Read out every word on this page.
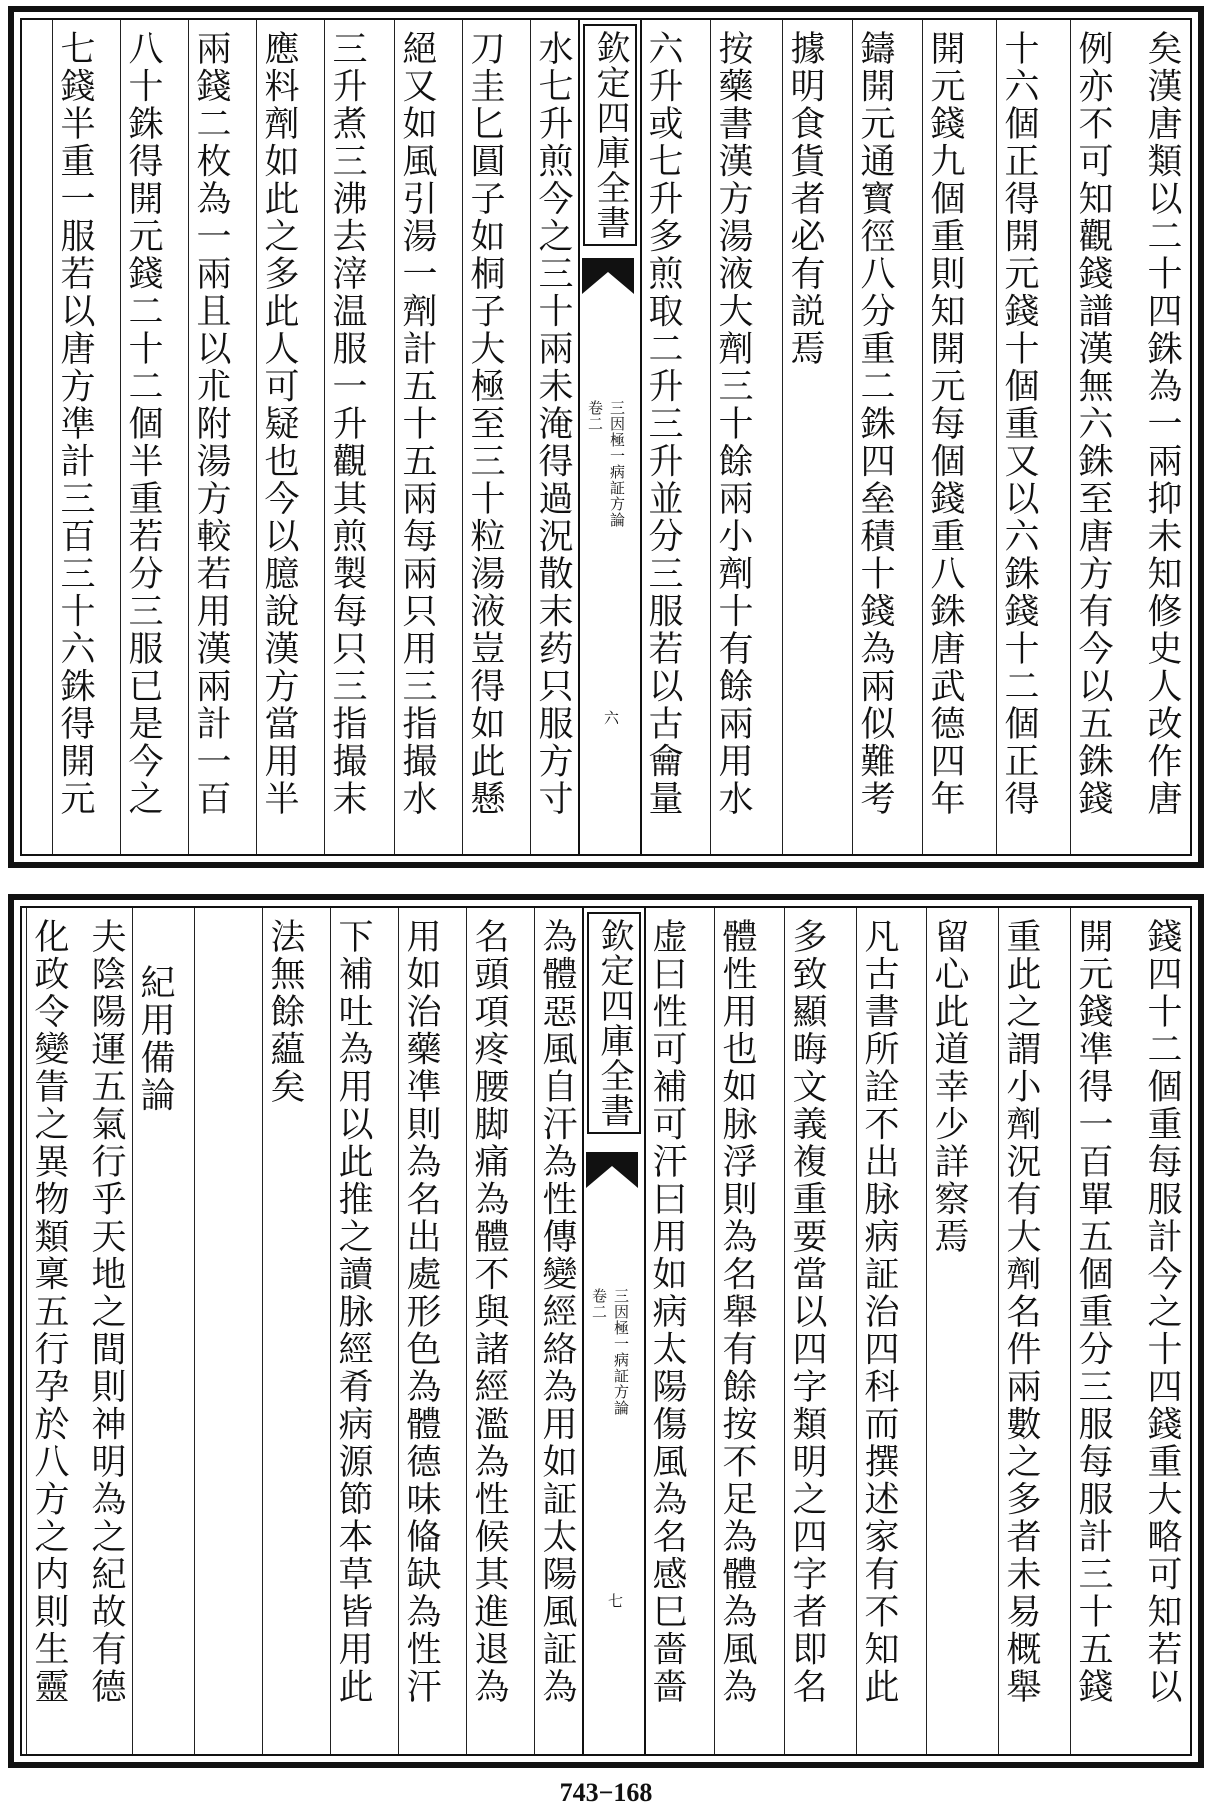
矣漢唐類以二十四銖為一兩抑未知修史人改作唐
例亦不可知觀錢譜漢無六銖至唐方有今以五銖錢
十六個正得開元錢十個重又以六銖錢十二個正得
開元錢九個重則知開元每個錢重八銖唐武德四年
鑄開元通寳徑八分重二銖四垒積十錢為兩似難考
據明食貨者必有説焉
按藥書漢方湯液大劑三十餘兩小劑十有餘兩用水
六升或七升多煎取二升三升並分三服若以古龠量
欽定四庫全書
三因極一病証方論
卷二
六
水七升煎今之三十兩未淹得過況散末药只服方寸
刀圭匕圓子如桐子大極至三十粒湯液豈得如此懸
絕又如風引湯一劑計五十五兩每兩只用三指撮水
三升煮三沸去滓温服一升觀其煎製每只三指撮末
應料劑如此之多此人可疑也今以臆說漢方當用半
兩錢二枚為一兩且以朮附湯方較若用漢兩計一百
八十銖得開元錢二十二個半重若分三服已是今之
七錢半重一服若以唐方凖計三百三十六銖得開元
錢四十二個重每服計今之十四錢重大略可知若以
開元錢凖得一百單五個重分三服每服計三十五錢
重此之謂小劑況有大劑名件兩數之多者未易概舉
留心此道幸少詳察焉
凡古書所詮不出脉病証治四科而撰述家有不知此
多致顯晦文義複重要當以四字類明之四字者即名
體性用也如脉浮則為名舉有餘按不足為體為風為
虚曰性可補可汗曰用如病太陽傷風為名感巳嗇嗇
欽定四庫全書
三因極一病証方論
卷二
七
為體惡風自汗為性傳變經絡為用如証太陽風証為
名頭項疼腰脚痛為體不與諸經濫為性候其進退為
用如治藥凖則為名出處形色為體德味偹缺為性汗
下補吐為用以此推之讀脉經肴病源節本草皆用此
法無餘藴矣
紀用備論
夫陰陽運五氣行乎天地之間則神明為之紀故有德
化政令變眚之異物類稟五行孕於八方之内則生靈
743−168
